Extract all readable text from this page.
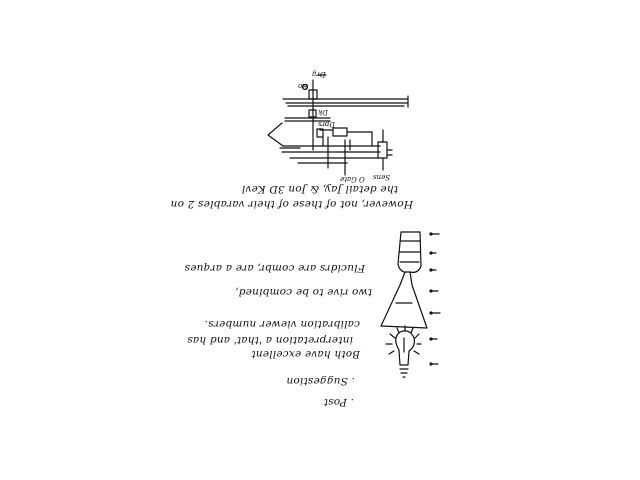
Drg
Ro
Dk
Dprs
Sens
O Gate
However, not of these of their varables 2 on
the detail Jay, & Jon 3D Kevl
two rive to be combined,
Flucidrs are combr, are a arques
Both have excellent
interpretation a 'that' and has
calibration viewer numbers.
. Suggestion
. Post
